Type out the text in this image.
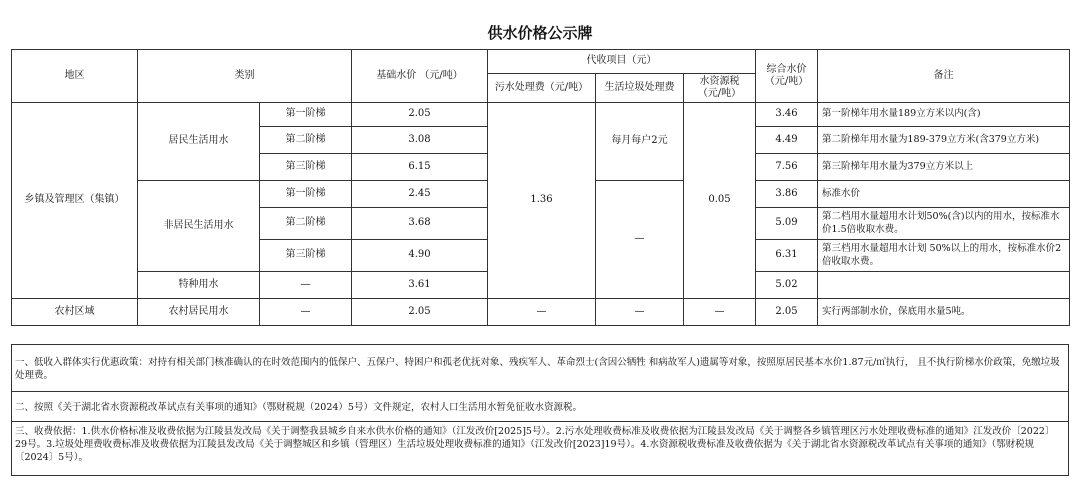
供水价格公示牌
地区	类别		基础水价 （元/吨）	代收项目（元）			综合水价（元/吨）	备注
				污水处理费（元/吨）	生活垃圾处理费	水资源税（元/吨）		
乡镇及管理区（集镇）	居民生活用水	第一阶梯	2.05	1.36	每月每户2元	0.05	3.46	第一阶梯年用水量189立方米以内(含)
		第二阶梯	3.08				4.49	第二阶梯年用水量为189-379立方米(含379立方米)
		第三阶梯	6.15				7.56	第三阶梯年用水量为379立方米以上
	非居民生活用水	第一阶梯	2.45		—		3.86	标准水价
		第二阶梯	3.68				5.09	第二档用水量超用水计划50%(含)以内的用水，按标准水价1.5倍收取水费。
		第三阶梯	4.90				6.31	第三档用水量超用水计划 50%以上的用水，按标准水价2倍收取水费。
	特种用水	—	3.61				5.02	
农村区域	农村居民用水	—	2.05	—	—	—	2.05	实行两部制水价，保底用水量5吨。
一、低收入群体实行优惠政策：对持有相关部门核准确认的在时效范围内的低保户、五保户、特困户和孤老优抚对象、残疾军人、革命烈士(含因公牺牲 和病故军人)遗属等对象，按照原居民基本水价1.87元/㎥执行， 且不执行阶梯水价政策，免缴垃圾处理费。
二、按照《关于湖北省水资源税改革试点有关事项的通知》（鄂财税规（2024）5号）文件规定，农村人口生活用水暂免征收水资源税。
三、收费依据：1.供水价格标准及收费依据为江陵县发改局《关于调整我县城乡自来水供水价格的通知》（江发改价[2025]5号）。2.污水处理收费标准及收费依据为江陵县发改局《关于调整各乡镇管理区污水处理收费标准的通知》江发改价〔2022〕29号。3.垃圾处理费收费标准及收费依据为江陵县发改局《关于调整城区和乡镇（管理区）生活垃圾处理收费标准的通知》（江发改价[2023]19号）。4.水资源税收费标准及收费依据为《关于湖北省水资源税改革试点有关事项的通知》（鄂财税规〔2024〕5号）。
